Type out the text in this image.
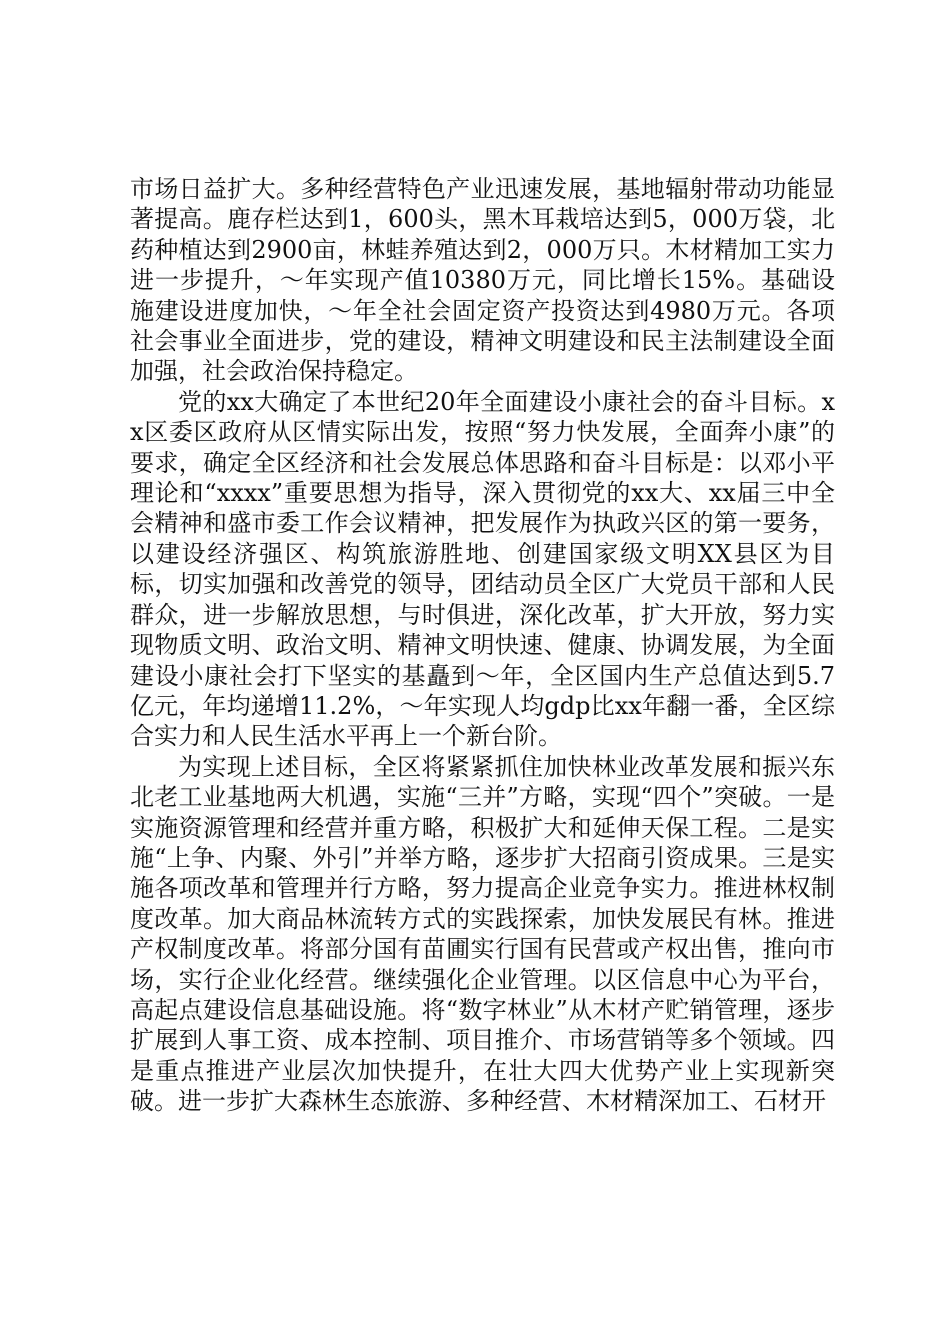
市场日益扩大。多种经营特色产业迅速发展，基地辐射带动功能显著提高。鹿存栏达到1，600头，黑木耳栽培达到5，000万袋，北药种植达到2900亩，林蛙养殖达到2，000万只。木材精加工实力进一步提升，～年实现产值10380万元，同比增长15%。基础设施建设进度加快，～年全社会固定资产投资达到4980万元。各项社会事业全面进步，党的建设，精神文明建设和民主法制建设全面加强，社会政治保持稳定。

党的xx大确定了本世纪20年全面建设小康社会的奋斗目标。xx区委区政府从区情实际出发，按照“努力快发展，全面奔小康”的要求，确定全区经济和社会发展总体思路和奋斗目标是：以邓小平理论和“xxxx”重要思想为指导，深入贯彻党的xx大、xx届三中全会精神和盛市委工作会议精神，把发展作为执政兴区的第一要务，以建设经济强区、构筑旅游胜地、创建国家级文明XX县区为目标，切实加强和改善党的领导，团结动员全区广大党员干部和人民群众，进一步解放思想，与时俱进，深化改革，扩大开放，努力实现物质文明、政治文明、精神文明快速、健康、协调发展，为全面建设小康社会打下坚实的基矗到～年，全区国内生产总值达到5.7亿元，年均递增11.2%，～年实现人均gdp比xx年翻一番，全区综合实力和人民生活水平再上一个新台阶。

为实现上述目标，全区将紧紧抓住加快林业改革发展和振兴东北老工业基地两大机遇，实施“三并”方略，实现“四个”突破。一是实施资源管理和经营并重方略，积极扩大和延伸天保工程。二是实施“上争、内聚、外引”并举方略，逐步扩大招商引资成果。三是实施各项改革和管理并行方略，努力提高企业竞争实力。推进林权制度改革。加大商品林流转方式的实践探索，加快发展民有林。推进产权制度改革。将部分国有苗圃实行国有民营或产权出售，推向市场，实行企业化经营。继续强化企业管理。以区信息中心为平台，高起点建设信息基础设施。将“数字林业”从木材产贮销管理，逐步扩展到人事工资、成本控制、项目推介、市场营销等多个领域。四是重点推进产业层次加快提升，在壮大四大优势产业上实现新突破。进一步扩大森林生态旅游、多种经营、木材精深加工、石材开
